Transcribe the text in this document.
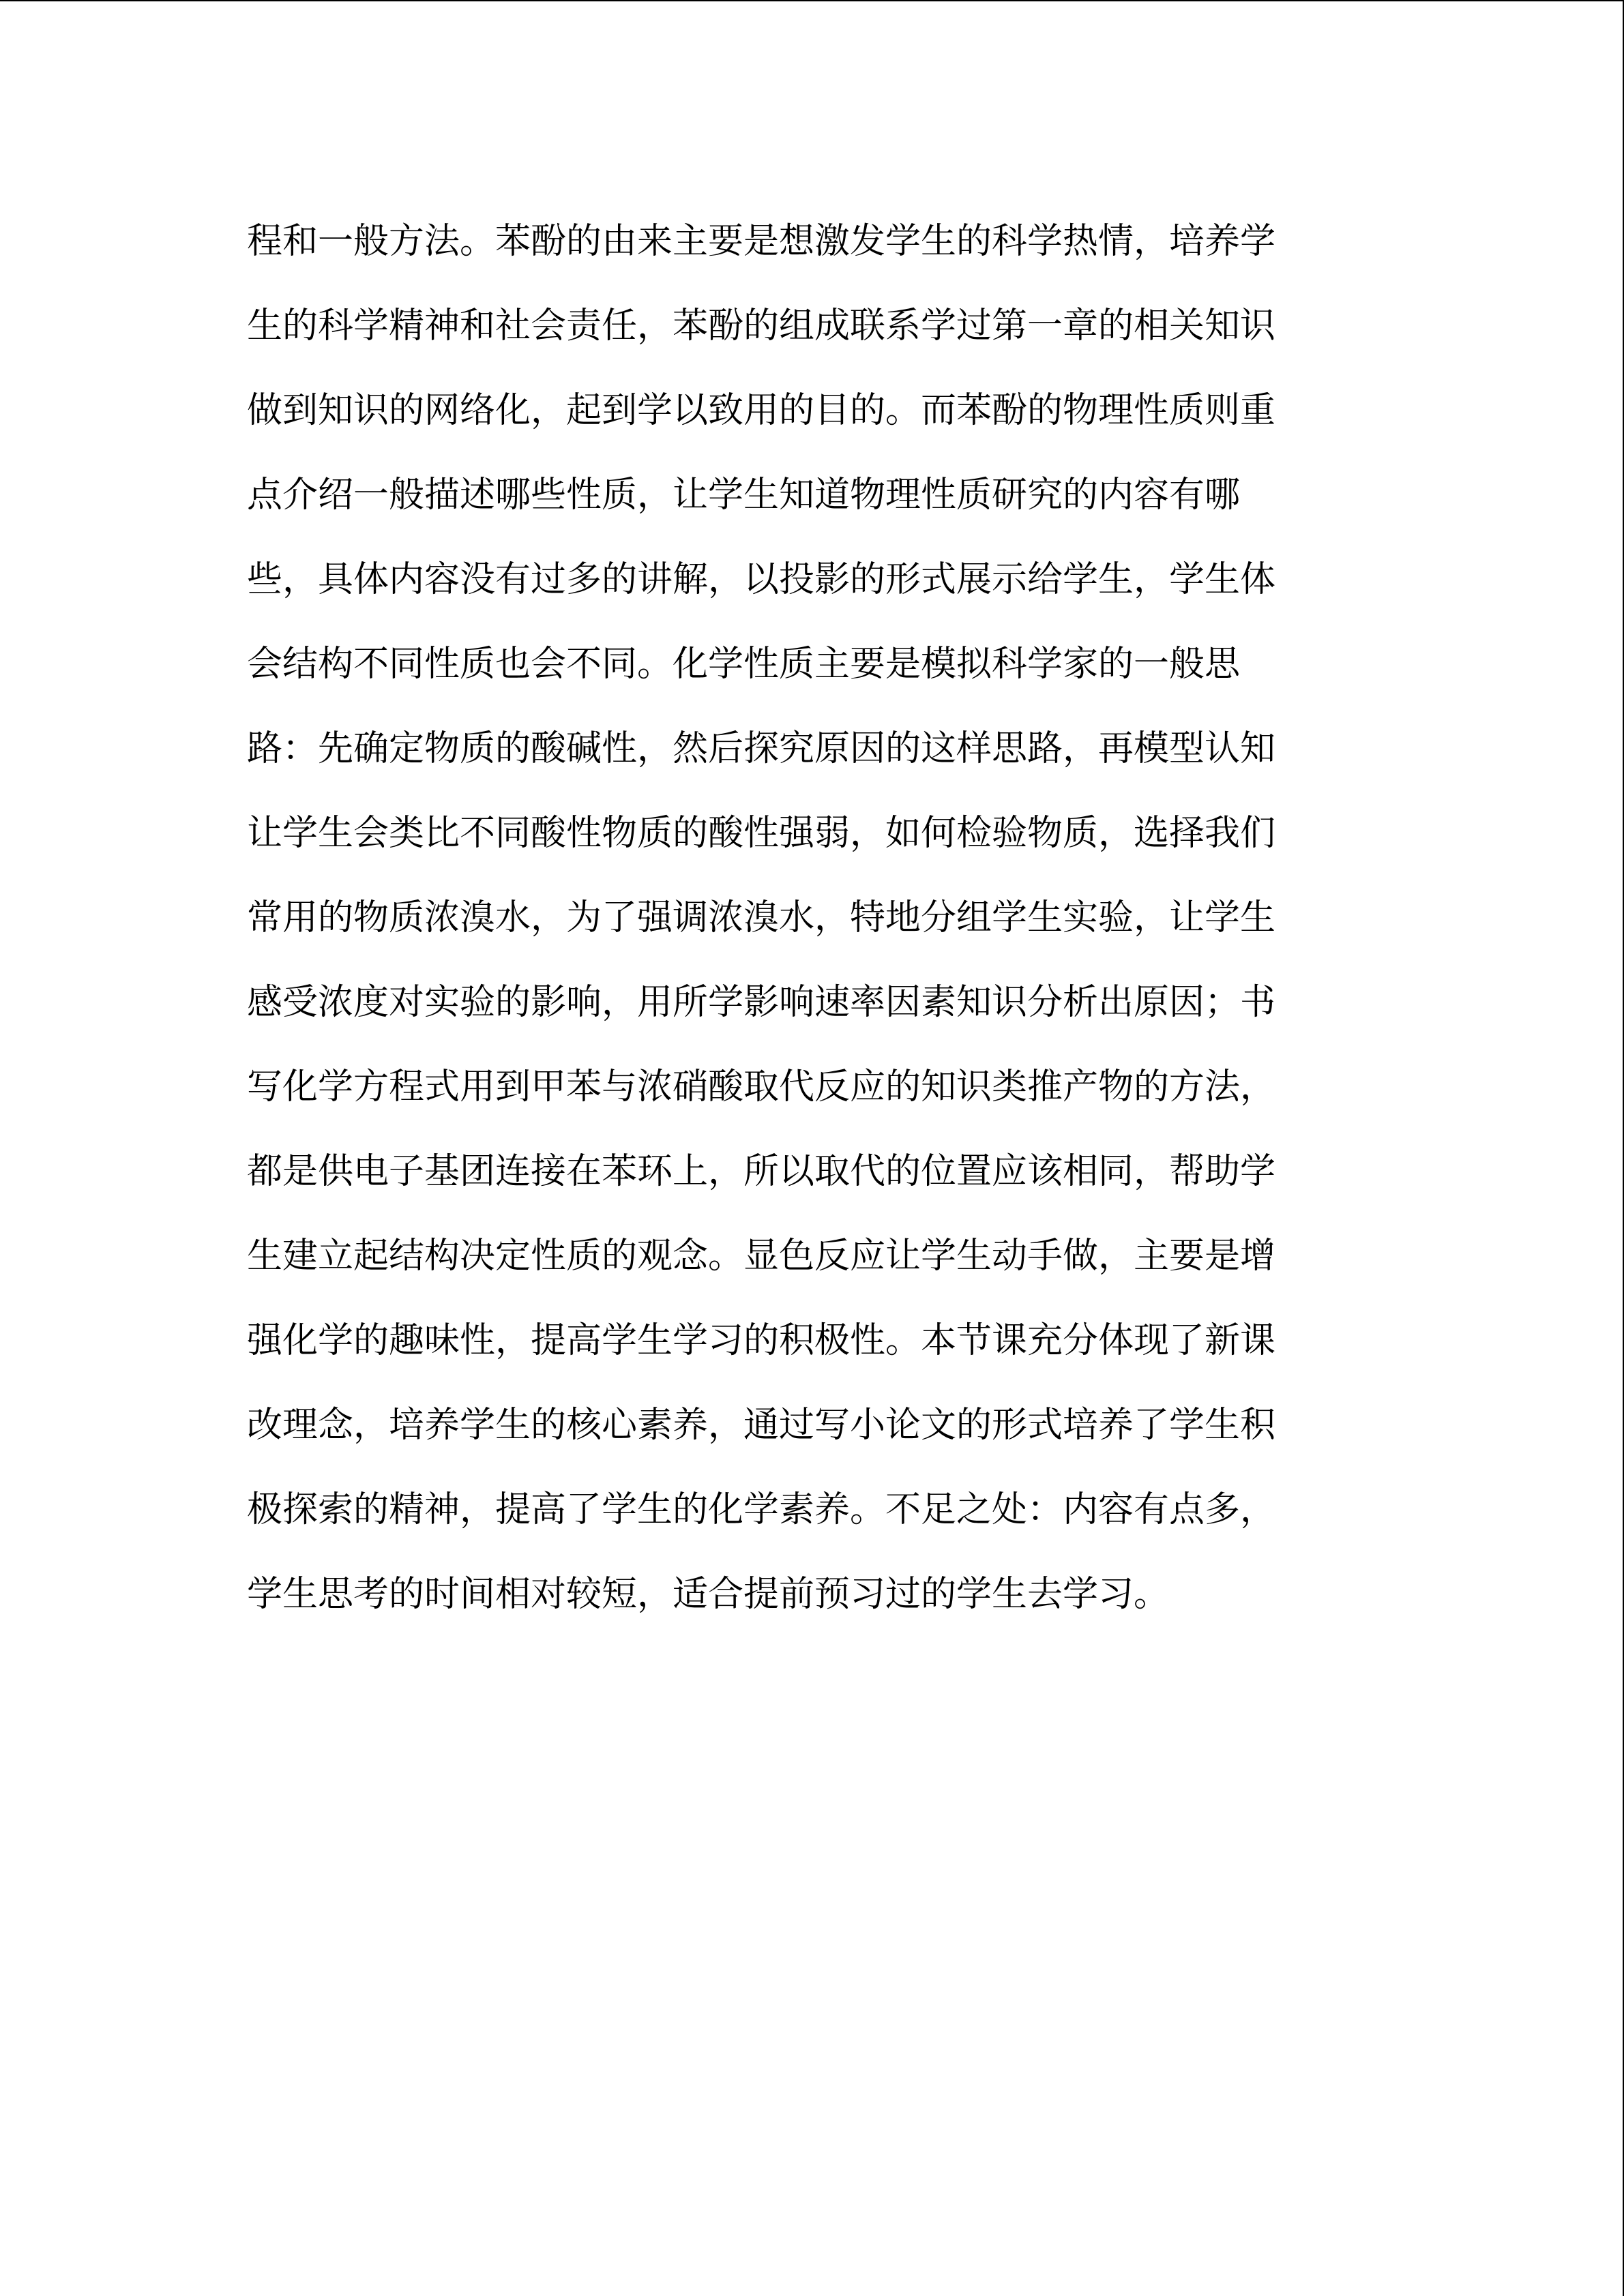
程和一般方法。苯酚的由来主要是想激发学生的科学热情，培养学
生的科学精神和社会责任，苯酚的组成联系学过第一章的相关知识
做到知识的网络化，起到学以致用的目的。而苯酚的物理性质则重
点介绍一般描述哪些性质，让学生知道物理性质研究的内容有哪
些，具体内容没有过多的讲解，以投影的形式展示给学生，学生体
会结构不同性质也会不同。化学性质主要是模拟科学家的一般思
路：先确定物质的酸碱性，然后探究原因的这样思路，再模型认知
让学生会类比不同酸性物质的酸性强弱，如何检验物质，选择我们
常用的物质浓溴水，为了强调浓溴水，特地分组学生实验，让学生
感受浓度对实验的影响，用所学影响速率因素知识分析出原因；书
写化学方程式用到甲苯与浓硝酸取代反应的知识类推产物的方法，
都是供电子基团连接在苯环上，所以取代的位置应该相同，帮助学
生建立起结构决定性质的观念。显色反应让学生动手做，主要是增
强化学的趣味性，提高学生学习的积极性。本节课充分体现了新课
改理念，培养学生的核心素养，通过写小论文的形式培养了学生积
极探索的精神，提高了学生的化学素养。不足之处：内容有点多，
学生思考的时间相对较短，适合提前预习过的学生去学习。
